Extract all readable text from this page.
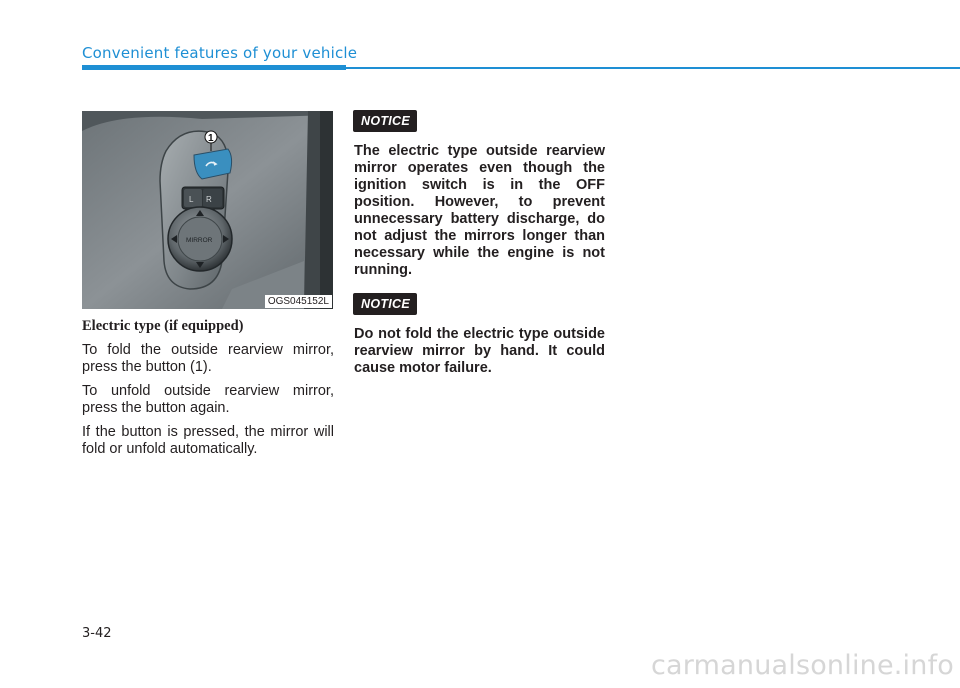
Convenient features of your vehicle
L R
MIRROR
1
OGS045152L
Electric type (if equipped)

To fold the outside rearview mirror, press the button (1).

To unfold outside rearview mirror, press the button again.

If the button is pressed, the mirror will fold or unfold automatically.

NOTICE

The electric type outside rearview mirror operates even though the ignition switch is in the OFF position. However, to prevent unnecessary battery discharge, do not adjust the mirrors longer than necessary while the engine is not running.

NOTICE

Do not fold the electric type outside rearview mirror by hand. It could cause motor failure.

3-42
carmanualsonline.info
